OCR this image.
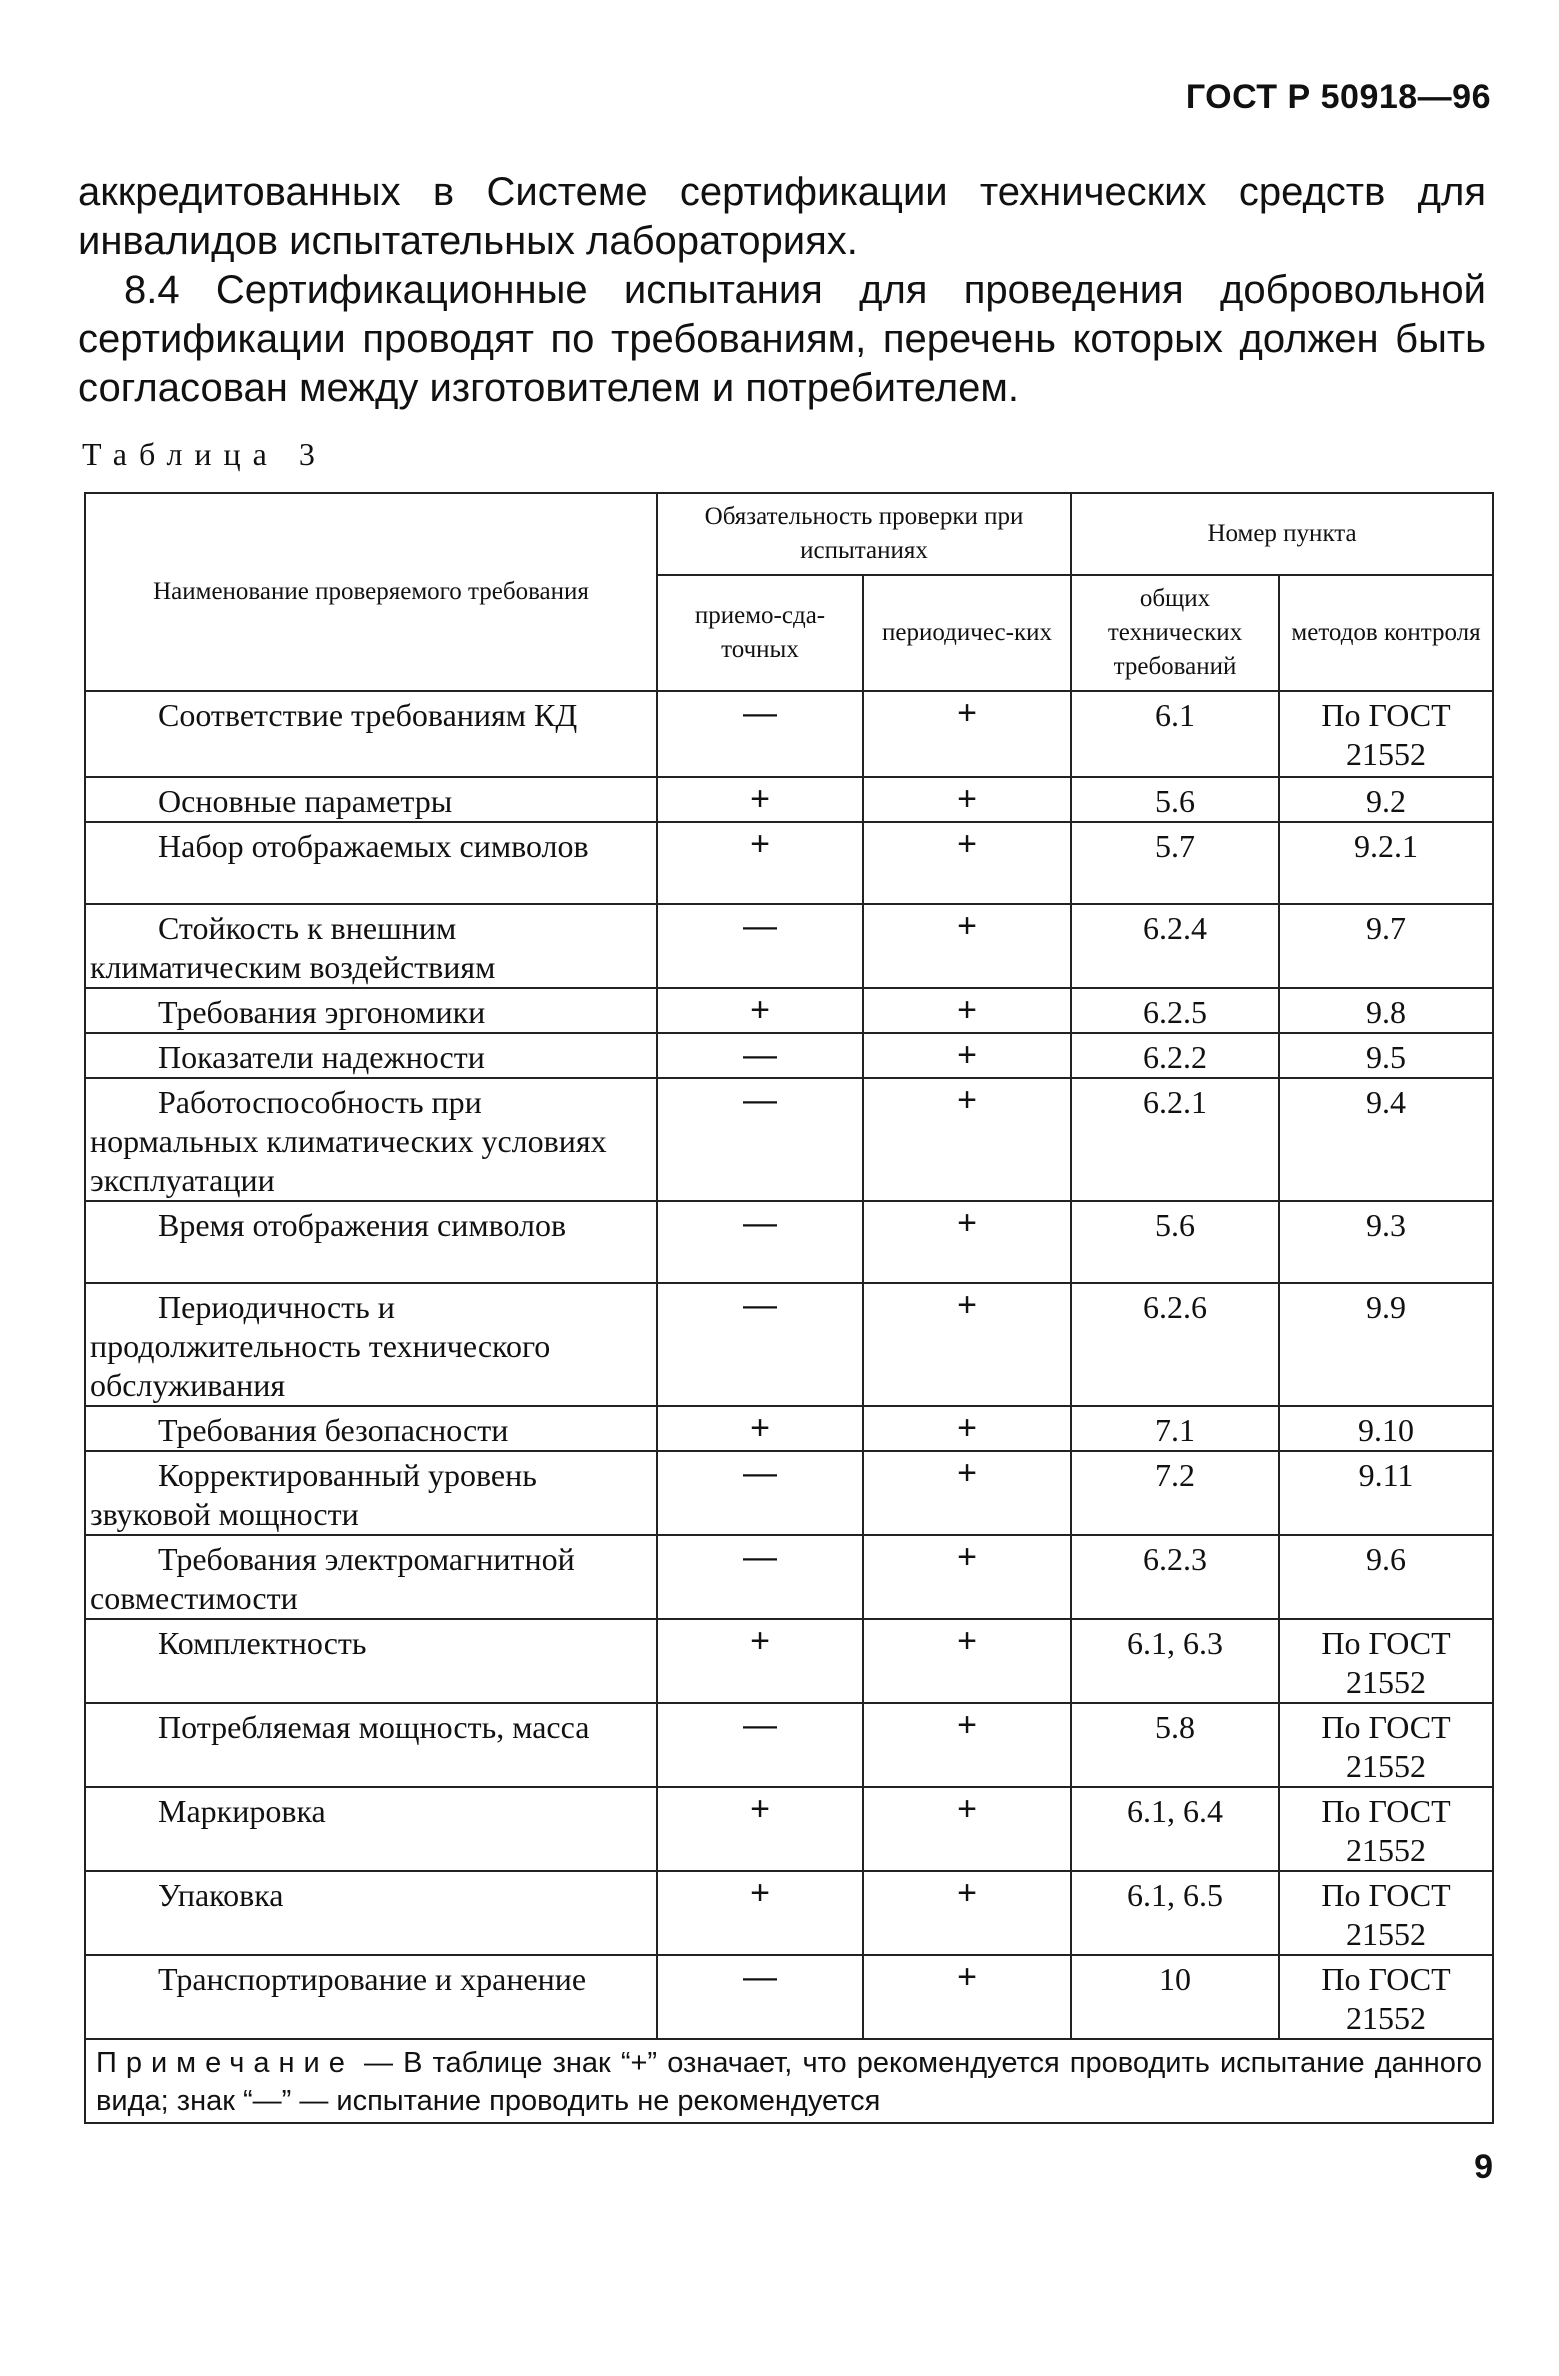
ГОСТ Р 50918—96
аккредитованных в Системе сертификации технических средств для инвалидов испытательных лабораториях.
8.4 Сертификационные испытания для проведения добровольной сертификации проводят по требованиям, перечень которых должен быть согласован между изготовителем и потребителем.
Таблица 3
Наименование проверяемого требования	Обязательность проверки при испытаниях		Номер пункта	
	приемо-сда-точных	периодичес-ких	общих технических требований	методов контроля
Соответствие требованиям КД	—	+	6.1	По ГОСТ 21552
Основные параметры	+	+	5.6	9.2
Набор отображаемых символов	+	+	5.7	9.2.1
Стойкость к внешним климатическим воздействиям	—	+	6.2.4	9.7
Требования эргономики	+	+	6.2.5	9.8
Показатели надежности	—	+	6.2.2	9.5
Работоспособность при нормальных климатических условиях эксплуатации	—	+	6.2.1	9.4
Время отображения символов	—	+	5.6	9.3
Периодичность и продолжительность технического обслуживания	—	+	6.2.6	9.9
Требования безопасности	+	+	7.1	9.10
Корректированный уровень звуковой мощности	—	+	7.2	9.11
Требования электромагнитной совместимости	—	+	6.2.3	9.6
Комплектность	+	+	6.1, 6.3	По ГОСТ 21552
Потребляемая мощность, масса	—	+	5.8	По ГОСТ 21552
Маркировка	+	+	6.1, 6.4	По ГОСТ 21552
Упаковка	+	+	6.1, 6.5	По ГОСТ 21552
Транспортирование и хранение	—	+	10	По ГОСТ 21552
Примечание — В таблице знак “+” означает, что рекомендуется проводить испытание данного вида; знак “—” — испытание проводить не рекомендуется				
9
